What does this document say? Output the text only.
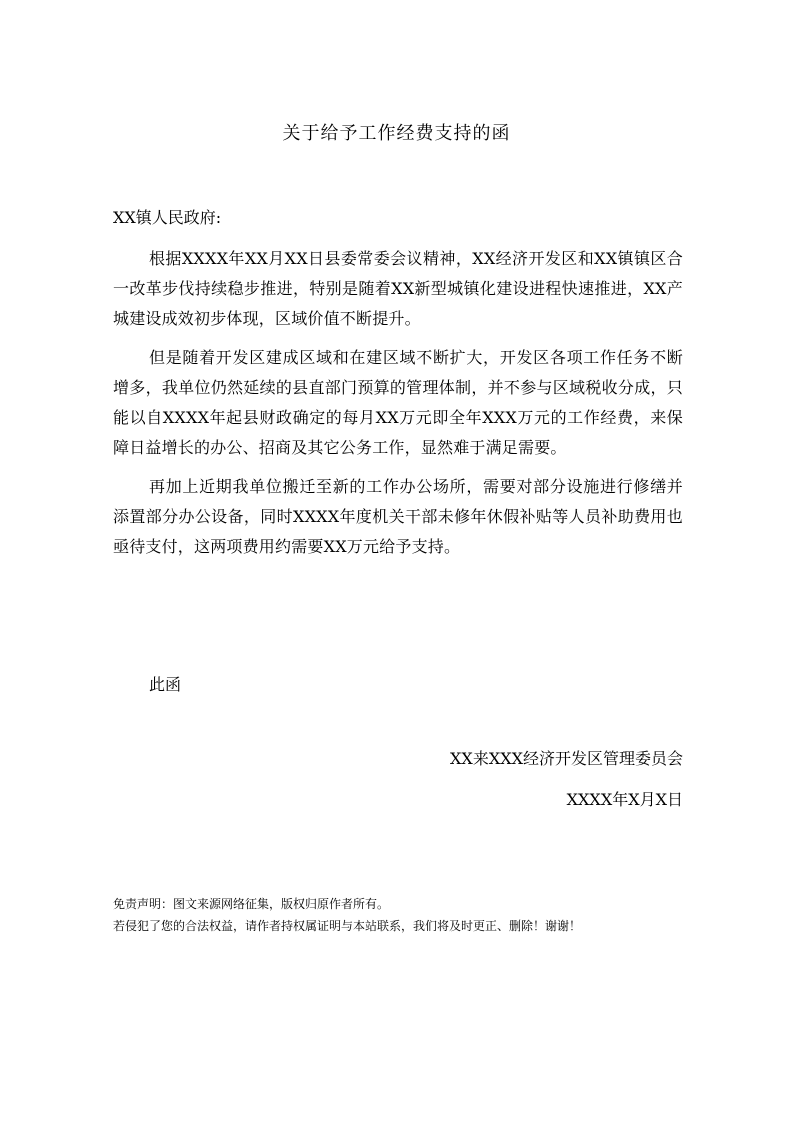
关于给予工作经费支持的函
XX镇人民政府:

根据XXXX年XX月XX日县委常委会议精神，XX经济开发区和XX镇镇区合一改革步伐持续稳步推进，特别是随着XX新型城镇化建设进程快速推进，XX产城建设成效初步体现，区域价值不断提升。

但是随着开发区建成区域和在建区域不断扩大，开发区各项工作任务不断增多，我单位仍然延续的县直部门预算的管理体制，并不参与区域税收分成，只能以自XXXX年起县财政确定的每月XX万元即全年XXX万元的工作经费，来保障日益增长的办公、招商及其它公务工作，显然难于满足需要。

再加上近期我单位搬迁至新的工作办公场所，需要对部分设施进行修缮并添置部分办公设备，同时XXXX年度机关干部未修年休假补贴等人员补助费用也亟待支付，这两项费用约需要XX万元给予支持。

此函
XX来XXX经济开发区管理委员会
XXXX年X月X日
免责声明：图文来源网络征集，版权归原作者所有。
若侵犯了您的合法权益，请作者持权属证明与本站联系，我们将及时更正、删除！谢谢！
